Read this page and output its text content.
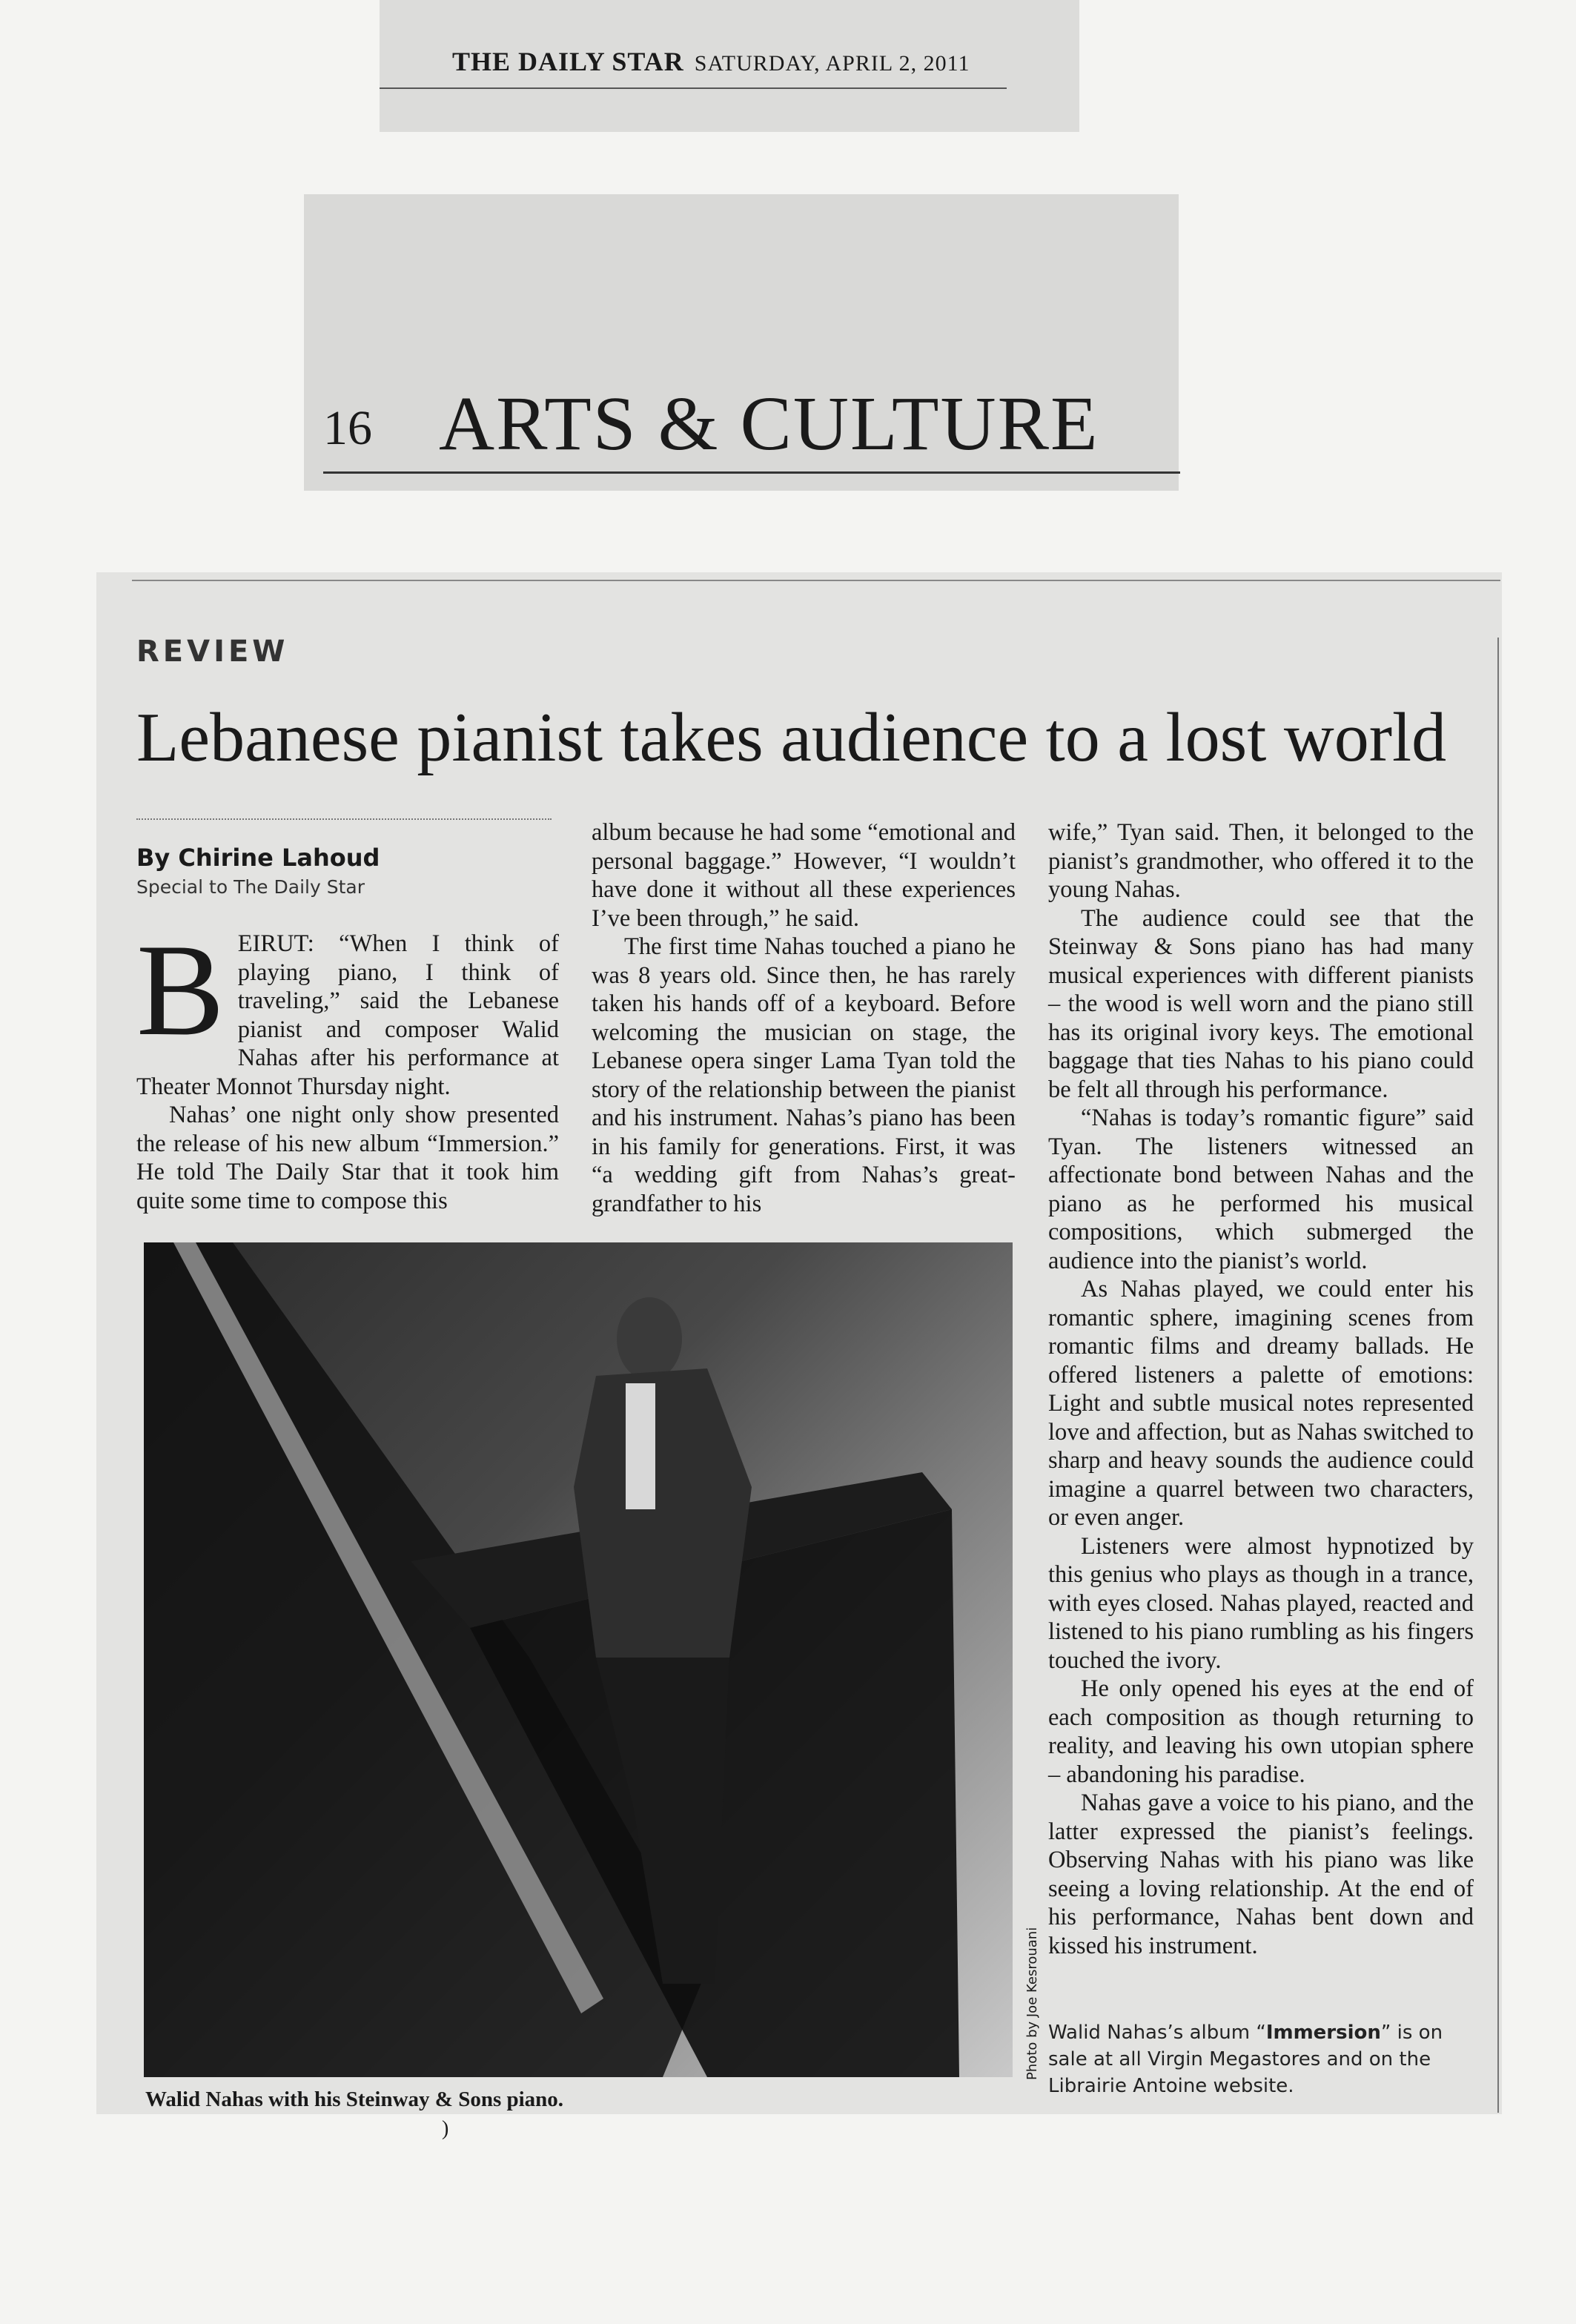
THE DAILY STAR SATURDAY, APRIL 2, 2011
16 ARTS & CULTURE
REVIEW
Lebanese pianist takes audience to a lost world
By Chirine Lahoud
Special to The Daily Star

BEIRUT: “When I think of playing piano, I think of traveling,” said the Lebanese pianist and composer Walid Nahas after his performance at Theater Monnot Thursday night.

Nahas’ one night only show presented the release of his new album “Immersion.” He told The Daily Star that it took him quite some time to compose this

album because he had some “emotional and personal baggage.” However, “I wouldn’t have done it without all these experiences I’ve been through,” he said.

The first time Nahas touched a piano he was 8 years old. Since then, he has rarely taken his hands off of a keyboard. Before welcoming the musician on stage, the Lebanese opera singer Lama Tyan told the story of the relationship between the pianist and his instrument. Nahas’s piano has been in his family for generations. First, it was “a wedding gift from Nahas’s great-grandfather to his

wife,” Tyan said. Then, it belonged to the pianist’s grandmother, who offered it to the young Nahas.

The audience could see that the Steinway & Sons piano has had many musical experiences with different pianists – the wood is well worn and the piano still has its original ivory keys. The emotional baggage that ties Nahas to his piano could be felt all through his performance.

“Nahas is today’s romantic figure” said Tyan. The listeners witnessed an affectionate bond between Nahas and the piano as he performed his musical compositions, which submerged the audience into the pianist’s world.

As Nahas played, we could enter his romantic sphere, imagining scenes from romantic films and dreamy ballads. He offered listeners a palette of emotions: Light and subtle musical notes represented love and affection, but as Nahas switched to sharp and heavy sounds the audience could imagine a quarrel between two characters, or even anger.

Listeners were almost hypnotized by this genius who plays as though in a trance, with eyes closed. Nahas played, reacted and listened to his piano rumbling as his fingers touched the ivory.

He only opened his eyes at the end of each composition as though returning to reality, and leaving his own utopian sphere – abandoning his paradise.

Nahas gave a voice to his piano, and the latter expressed the pianist’s feelings. Observing Nahas with his piano was like seeing a loving relationship. At the end of his performance, Nahas bent down and kissed his instrument.

Photo by Joe Kesrouani
Walid Nahas with his Steinway & Sons piano.
)
Walid Nahas’s album “Immersion” is on sale at all Virgin Megastores and on the Librairie Antoine website.
